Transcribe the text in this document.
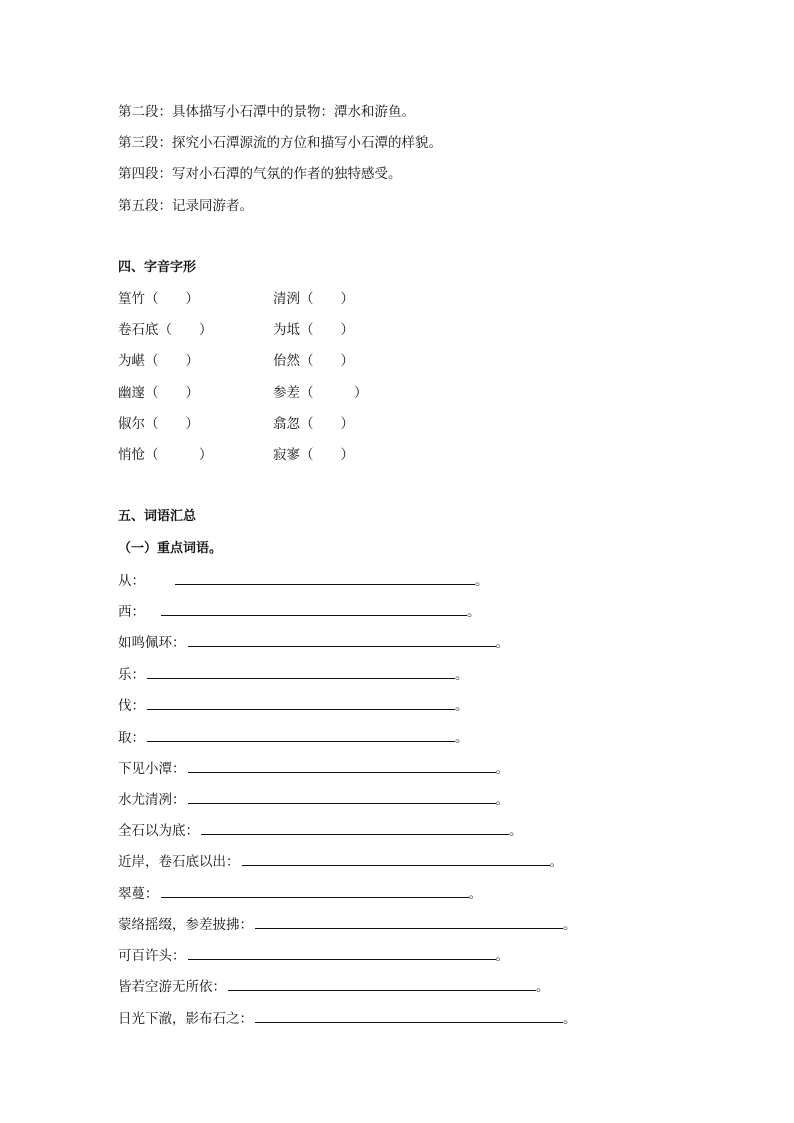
第二段：具体描写小石潭中的景物：潭水和游鱼。
第三段：探究小石潭源流的方位和描写小石潭的样貌。
第四段：写对小石潭的气氛的作者的独特感受。
第五段：记录同游者。
四、字音字形
篁竹（　　）	清洌（　　）
卷石底（　　）	为坻（　　）
为嵁（　　）	佁然（　　）
幽邃（　　）	参差（　　　）
俶尔（　　）	翕忽（　　）
悄怆（　　　）	寂寥（　　）
五、词语汇总
（一）重点词语。
从：	。
西：	。
如鸣佩环：	。
乐：	。
伐：	。
取：	。
下见小潭：	。
水尤清冽：	。
全石以为底：	。
近岸，卷石底以出：	。
翠蔓：	。
蒙络摇缀，参差披拂：	。
可百许头：	。
皆若空游无所依：	。
日光下澈，影布石之：	。
